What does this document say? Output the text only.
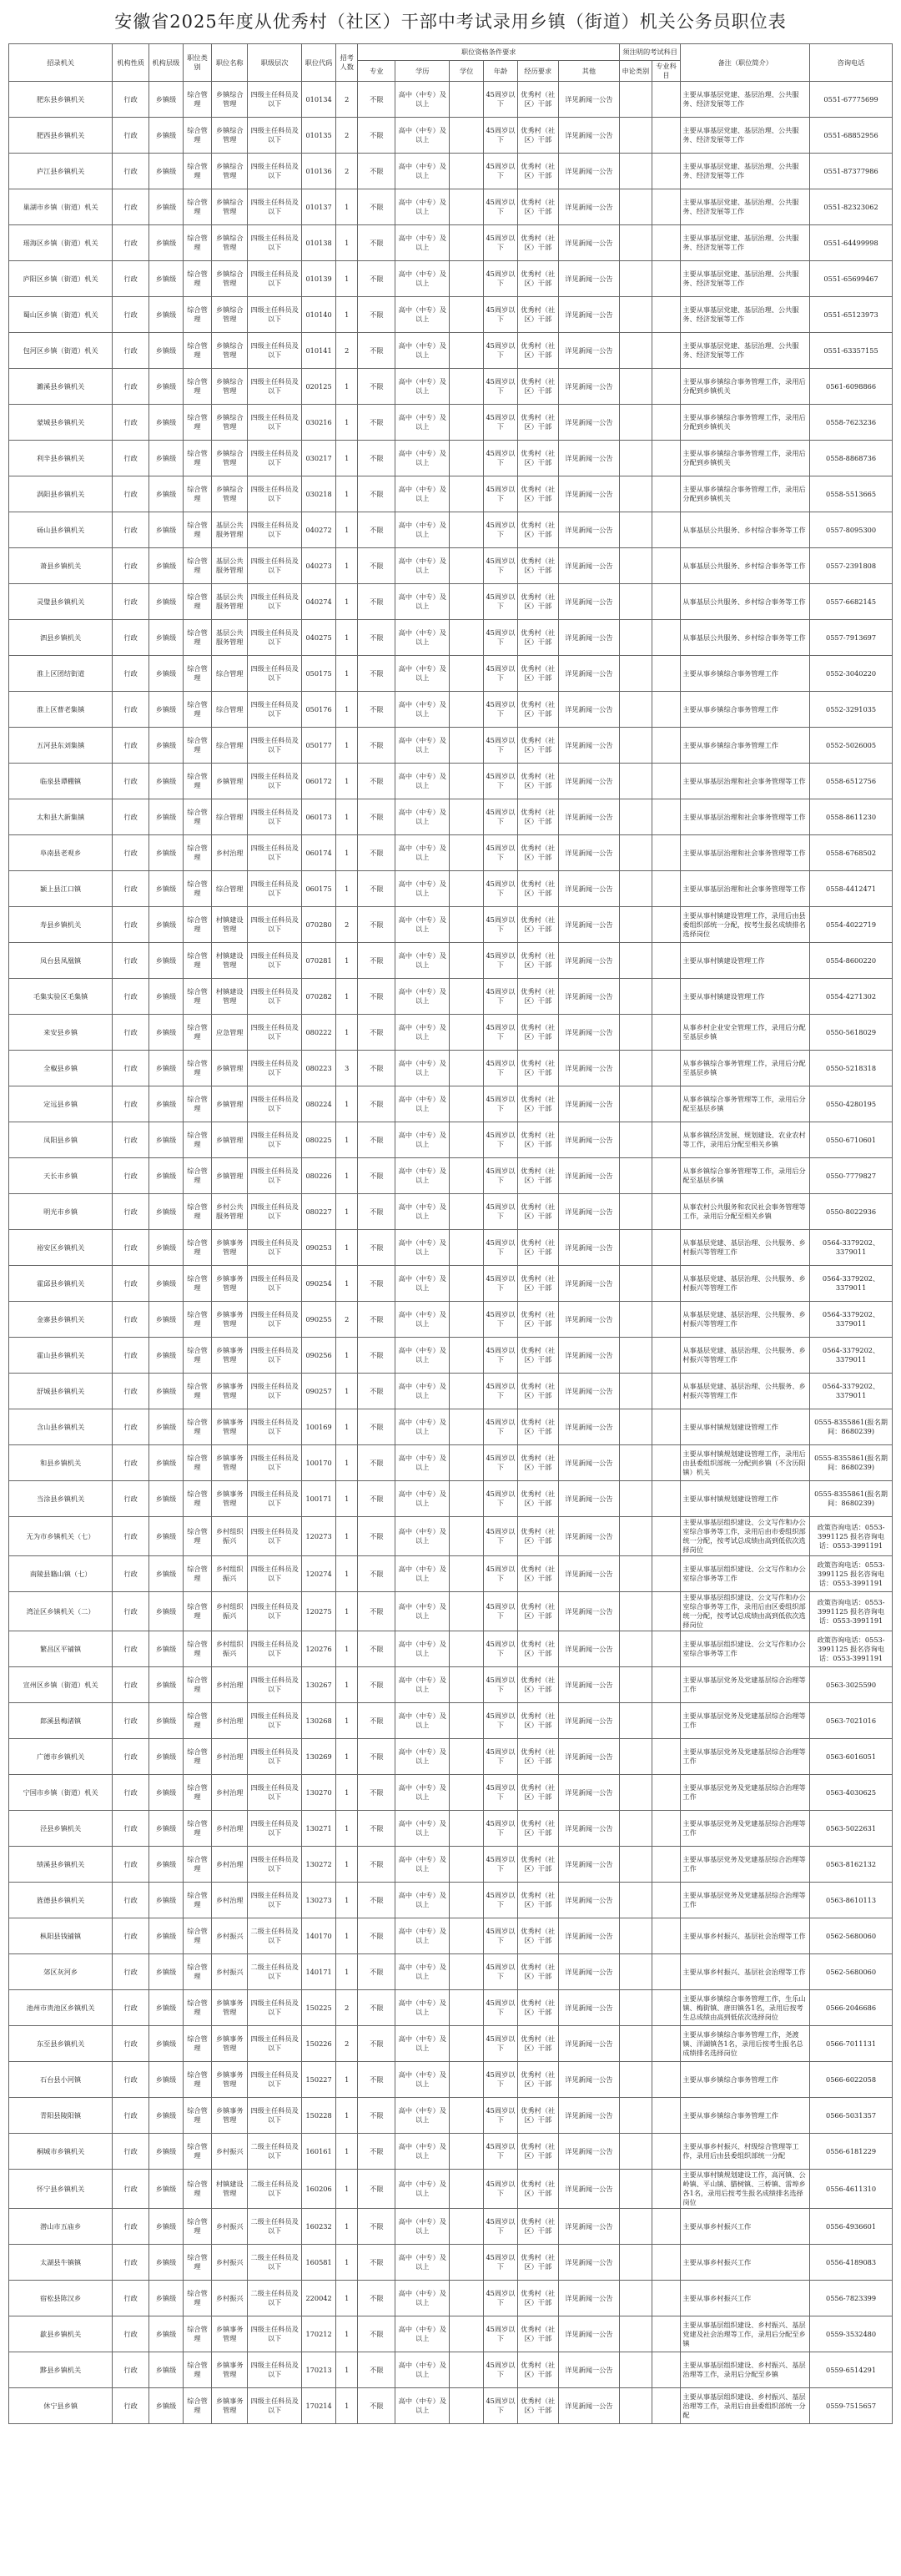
安徽省2025年度从优秀村（社区）干部中考试录用乡镇（街道）机关公务员职位表
招录机关	机构性质	机构层级	职位类别	职位名称	职级层次	职位代码	招考人数	职位资格条件要求						须注明的考试科目		备注（职位简介）	咨询电话
								专业	学历	学位	年龄	经历要求	其他	申论类别	专业科目		
肥东县乡镇机关	行政	乡镇级	综合管理	乡镇综合管理	四级主任科员及以下	010134	2	不限	高中（中专）及以上		45周岁以下	优秀村（社区）干部	详见新闻一公告			主要从事基层党建、基层治理、公共服务、经济发展等工作	0551-67775699
肥西县乡镇机关	行政	乡镇级	综合管理	乡镇综合管理	四级主任科员及以下	010135	2	不限	高中（中专）及以上		45周岁以下	优秀村（社区）干部	详见新闻一公告			主要从事基层党建、基层治理、公共服务、经济发展等工作	0551-68852956
庐江县乡镇机关	行政	乡镇级	综合管理	乡镇综合管理	四级主任科员及以下	010136	2	不限	高中（中专）及以上		45周岁以下	优秀村（社区）干部	详见新闻一公告			主要从事基层党建、基层治理、公共服务、经济发展等工作	0551-87377986
巢湖市乡镇（街道）机关	行政	乡镇级	综合管理	乡镇综合管理	四级主任科员及以下	010137	1	不限	高中（中专）及以上		45周岁以下	优秀村（社区）干部	详见新闻一公告			主要从事基层党建、基层治理、公共服务、经济发展等工作	0551-82323062
瑶海区乡镇（街道）机关	行政	乡镇级	综合管理	乡镇综合管理	四级主任科员及以下	010138	1	不限	高中（中专）及以上		45周岁以下	优秀村（社区）干部	详见新闻一公告			主要从事基层党建、基层治理、公共服务、经济发展等工作	0551-64499998
庐阳区乡镇（街道）机关	行政	乡镇级	综合管理	乡镇综合管理	四级主任科员及以下	010139	1	不限	高中（中专）及以上		45周岁以下	优秀村（社区）干部	详见新闻一公告			主要从事基层党建、基层治理、公共服务、经济发展等工作	0551-65699467
蜀山区乡镇（街道）机关	行政	乡镇级	综合管理	乡镇综合管理	四级主任科员及以下	010140	1	不限	高中（中专）及以上		45周岁以下	优秀村（社区）干部	详见新闻一公告			主要从事基层党建、基层治理、公共服务、经济发展等工作	0551-65123973
包河区乡镇（街道）机关	行政	乡镇级	综合管理	乡镇综合管理	四级主任科员及以下	010141	2	不限	高中（中专）及以上		45周岁以下	优秀村（社区）干部	详见新闻一公告			主要从事基层党建、基层治理、公共服务、经济发展等工作	0551-63357155
濉溪县乡镇机关	行政	乡镇级	综合管理	乡镇综合管理	四级主任科员及以下	020125	1	不限	高中（中专）及以上		45周岁以下	优秀村（社区）干部	详见新闻一公告			主要从事乡镇综合事务管理工作，录用后分配到乡镇机关	0561-6098866
蒙城县乡镇机关	行政	乡镇级	综合管理	乡镇综合管理	四级主任科员及以下	030216	1	不限	高中（中专）及以上		45周岁以下	优秀村（社区）干部	详见新闻一公告			主要从事乡镇综合事务管理工作，录用后分配到乡镇机关	0558-7623236
利辛县乡镇机关	行政	乡镇级	综合管理	乡镇综合管理	四级主任科员及以下	030217	1	不限	高中（中专）及以上		45周岁以下	优秀村（社区）干部	详见新闻一公告			主要从事乡镇综合事务管理工作，录用后分配到乡镇机关	0558-8868736
涡阳县乡镇机关	行政	乡镇级	综合管理	乡镇综合管理	四级主任科员及以下	030218	1	不限	高中（中专）及以上		45周岁以下	优秀村（社区）干部	详见新闻一公告			主要从事乡镇综合事务管理工作，录用后分配到乡镇机关	0558-5513665
砀山县乡镇机关	行政	乡镇级	综合管理	基层公共服务管理	四级主任科员及以下	040272	1	不限	高中（中专）及以上		45周岁以下	优秀村（社区）干部	详见新闻一公告			从事基层公共服务、乡村综合事务等工作	0557-8095300
萧县乡镇机关	行政	乡镇级	综合管理	基层公共服务管理	四级主任科员及以下	040273	1	不限	高中（中专）及以上		45周岁以下	优秀村（社区）干部	详见新闻一公告			从事基层公共服务、乡村综合事务等工作	0557-2391808
灵璧县乡镇机关	行政	乡镇级	综合管理	基层公共服务管理	四级主任科员及以下	040274	1	不限	高中（中专）及以上		45周岁以下	优秀村（社区）干部	详见新闻一公告			从事基层公共服务、乡村综合事务等工作	0557-6682145
泗县乡镇机关	行政	乡镇级	综合管理	基层公共服务管理	四级主任科员及以下	040275	1	不限	高中（中专）及以上		45周岁以下	优秀村（社区）干部	详见新闻一公告			从事基层公共服务、乡村综合事务等工作	0557-7913697
淮上区团结街道	行政	乡镇级	综合管理	综合管理	四级主任科员及以下	050175	1	不限	高中（中专）及以上		45周岁以下	优秀村（社区）干部	详见新闻一公告			主要从事乡镇综合事务管理工作	0552-3040220
淮上区曹老集镇	行政	乡镇级	综合管理	综合管理	四级主任科员及以下	050176	1	不限	高中（中专）及以上		45周岁以下	优秀村（社区）干部	详见新闻一公告			主要从事乡镇综合事务管理工作	0552-3291035
五河县东刘集镇	行政	乡镇级	综合管理	综合管理	四级主任科员及以下	050177	1	不限	高中（中专）及以上		45周岁以下	优秀村（社区）干部	详见新闻一公告			主要从事乡镇综合事务管理工作	0552-5026005
临泉县谭棚镇	行政	乡镇级	综合管理	乡镇管理	四级主任科员及以下	060172	1	不限	高中（中专）及以上		45周岁以下	优秀村（社区）干部	详见新闻一公告			主要从事基层治理和社会事务管理等工作	0558-6512756
太和县大新集镇	行政	乡镇级	综合管理	综合管理	四级主任科员及以下	060173	1	不限	高中（中专）及以上		45周岁以下	优秀村（社区）干部	详见新闻一公告			主要从事基层治理和社会事务管理等工作	0558-8611230
阜南县老观乡	行政	乡镇级	综合管理	乡村治理	四级主任科员及以下	060174	1	不限	高中（中专）及以上		45周岁以下	优秀村（社区）干部	详见新闻一公告			主要从事基层治理和社会事务管理等工作	0558-6768502
颍上县江口镇	行政	乡镇级	综合管理	综合管理	四级主任科员及以下	060175	1	不限	高中（中专）及以上		45周岁以下	优秀村（社区）干部	详见新闻一公告			主要从事基层治理和社会事务管理等工作	0558-4412471
寿县乡镇机关	行政	乡镇级	综合管理	村镇建设管理	四级主任科员及以下	070280	2	不限	高中（中专）及以上		45周岁以下	优秀村（社区）干部	详见新闻一公告			主要从事村镇建设管理工作，录用后由县委组织部统一分配，按考生报名成绩排名选择岗位	0554-4022719
凤台县凤凰镇	行政	乡镇级	综合管理	村镇建设管理	四级主任科员及以下	070281	1	不限	高中（中专）及以上		45周岁以下	优秀村（社区）干部	详见新闻一公告			主要从事村镇建设管理工作	0554-8600220
毛集实验区毛集镇	行政	乡镇级	综合管理	村镇建设管理	四级主任科员及以下	070282	1	不限	高中（中专）及以上		45周岁以下	优秀村（社区）干部	详见新闻一公告			主要从事村镇建设管理工作	0554-4271302
来安县乡镇	行政	乡镇级	综合管理	应急管理	四级主任科员及以下	080222	1	不限	高中（中专）及以上		45周岁以下	优秀村（社区）干部	详见新闻一公告			从事乡村企业安全管理工作，录用后分配至基层乡镇	0550-5618029
全椒县乡镇	行政	乡镇级	综合管理	乡镇管理	四级主任科员及以下	080223	3	不限	高中（中专）及以上		45周岁以下	优秀村（社区）干部	详见新闻一公告			从事乡镇综合事务管理工作，录用后分配至基层乡镇	0550-5218318
定远县乡镇	行政	乡镇级	综合管理	乡镇管理	四级主任科员及以下	080224	1	不限	高中（中专）及以上		45周岁以下	优秀村（社区）干部	详见新闻一公告			从事乡镇综合事务管理等工作，录用后分配至基层乡镇	0550-4280195
凤阳县乡镇	行政	乡镇级	综合管理	乡镇管理	四级主任科员及以下	080225	1	不限	高中（中专）及以上		45周岁以下	优秀村（社区）干部	详见新闻一公告			从事乡镇经济发展、规划建设、农业农村等工作，录用后分配至相关乡镇	0550-6710601
天长市乡镇	行政	乡镇级	综合管理	乡镇管理	四级主任科员及以下	080226	1	不限	高中（中专）及以上		45周岁以下	优秀村（社区）干部	详见新闻一公告			从事乡镇综合事务管理等工作，录用后分配至基层乡镇	0550-7779827
明光市乡镇	行政	乡镇级	综合管理	乡村公共服务管理	四级主任科员及以下	080227	1	不限	高中（中专）及以上		45周岁以下	优秀村（社区）干部	详见新闻一公告			从事农村公共服务和农民社会事务管理等工作，录用后分配至相关乡镇	0550-8022936
裕安区乡镇机关	行政	乡镇级	综合管理	乡镇事务管理	四级主任科员及以下	090253	1	不限	高中（中专）及以上		45周岁以下	优秀村（社区）干部	详见新闻一公告			从事基层党建、基层治理、公共服务、乡村振兴等管理工作	0564-3379202、3379011
霍邱县乡镇机关	行政	乡镇级	综合管理	乡镇事务管理	四级主任科员及以下	090254	1	不限	高中（中专）及以上		45周岁以下	优秀村（社区）干部	详见新闻一公告			从事基层党建、基层治理、公共服务、乡村振兴等管理工作	0564-3379202、3379011
金寨县乡镇机关	行政	乡镇级	综合管理	乡镇事务管理	四级主任科员及以下	090255	2	不限	高中（中专）及以上		45周岁以下	优秀村（社区）干部	详见新闻一公告			从事基层党建、基层治理、公共服务、乡村振兴等管理工作	0564-3379202、3379011
霍山县乡镇机关	行政	乡镇级	综合管理	乡镇事务管理	四级主任科员及以下	090256	1	不限	高中（中专）及以上		45周岁以下	优秀村（社区）干部	详见新闻一公告			从事基层党建、基层治理、公共服务、乡村振兴等管理工作	0564-3379202、3379011
舒城县乡镇机关	行政	乡镇级	综合管理	乡镇事务管理	四级主任科员及以下	090257	1	不限	高中（中专）及以上		45周岁以下	优秀村（社区）干部	详见新闻一公告			从事基层党建、基层治理、公共服务、乡村振兴等管理工作	0564-3379202、3379011
含山县乡镇机关	行政	乡镇级	综合管理	乡镇事务管理	四级主任科员及以下	100169	1	不限	高中（中专）及以上		45周岁以下	优秀村（社区）干部	详见新闻一公告			主要从事村镇规划建设管理工作	0555-8355861(报名期间：8680239)
和县乡镇机关	行政	乡镇级	综合管理	乡镇事务管理	四级主任科员及以下	100170	1	不限	高中（中专）及以上		45周岁以下	优秀村（社区）干部	详见新闻一公告			主要从事村镇规划建设管理工作，录用后由县委组织部统一分配到乡镇（不含历阳镇）机关	0555-8355861(报名期间：8680239)
当涂县乡镇机关	行政	乡镇级	综合管理	乡镇事务管理	四级主任科员及以下	100171	1	不限	高中（中专）及以上		45周岁以下	优秀村（社区）干部	详见新闻一公告			主要从事村镇规划建设管理工作	0555-8355861(报名期间：8680239)
无为市乡镇机关（七）	行政	乡镇级	综合管理	乡村组织振兴	四级主任科员及以下	120273	1	不限	高中（中专）及以上		45周岁以下	优秀村（社区）干部	详见新闻一公告			主要从事基层组织建设、公文写作和办公室综合事务等工作，录用后由市委组织部统一分配，按考试总成绩由高到低依次选择岗位	政策咨询电话：0553-3991125 报名咨询电话：0553-3991191
南陵县籍山镇（七）	行政	乡镇级	综合管理	乡村组织振兴	四级主任科员及以下	120274	1	不限	高中（中专）及以上		45周岁以下	优秀村（社区）干部	详见新闻一公告			主要从事基层组织建设、公文写作和办公室综合事务等工作	政策咨询电话：0553-3991125 报名咨询电话：0553-3991191
湾沚区乡镇机关（二）	行政	乡镇级	综合管理	乡村组织振兴	四级主任科员及以下	120275	1	不限	高中（中专）及以上		45周岁以下	优秀村（社区）干部	详见新闻一公告			主要从事基层组织建设、公文写作和办公室综合事务等工作，录用后由区委组织部统一分配，按考试总成绩由高到低依次选择岗位	政策咨询电话：0553-3991125 报名咨询电话：0553-3991191
繁昌区平铺镇	行政	乡镇级	综合管理	乡村组织振兴	四级主任科员及以下	120276	1	不限	高中（中专）及以上		45周岁以下	优秀村（社区）干部	详见新闻一公告			主要从事基层组织建设、公文写作和办公室综合事务等工作	政策咨询电话：0553-3991125 报名咨询电话：0553-3991191
宣州区乡镇（街道）机关	行政	乡镇级	综合管理	乡村治理	四级主任科员及以下	130267	1	不限	高中（中专）及以上		45周岁以下	优秀村（社区）干部	详见新闻一公告			主要从事基层党务及党建基层综合治理等工作	0563-3025590
郎溪县梅渚镇	行政	乡镇级	综合管理	乡村治理	四级主任科员及以下	130268	1	不限	高中（中专）及以上		45周岁以下	优秀村（社区）干部	详见新闻一公告			主要从事基层党务及党建基层综合治理等工作	0563-7021016
广德市乡镇机关	行政	乡镇级	综合管理	乡村治理	四级主任科员及以下	130269	1	不限	高中（中专）及以上		45周岁以下	优秀村（社区）干部	详见新闻一公告			主要从事基层党务及党建基层综合治理等工作	0563-6016051
宁国市乡镇（街道）机关	行政	乡镇级	综合管理	乡村治理	四级主任科员及以下	130270	1	不限	高中（中专）及以上		45周岁以下	优秀村（社区）干部	详见新闻一公告			主要从事基层党务及党建基层综合治理等工作	0563-4030625
泾县乡镇机关	行政	乡镇级	综合管理	乡村治理	四级主任科员及以下	130271	1	不限	高中（中专）及以上		45周岁以下	优秀村（社区）干部	详见新闻一公告			主要从事基层党务及党建基层综合治理等工作	0563-5022631
绩溪县乡镇机关	行政	乡镇级	综合管理	乡村治理	四级主任科员及以下	130272	1	不限	高中（中专）及以上		45周岁以下	优秀村（社区）干部	详见新闻一公告			主要从事基层党务及党建基层综合治理等工作	0563-8162132
旌德县乡镇机关	行政	乡镇级	综合管理	乡村治理	四级主任科员及以下	130273	1	不限	高中（中专）及以上		45周岁以下	优秀村（社区）干部	详见新闻一公告			主要从事基层党务及党建基层综合治理等工作	0563-8610113
枞阳县钱铺镇	行政	乡镇级	综合管理	乡村振兴	二级主任科员及以下	140170	1	不限	高中（中专）及以上		45周岁以下	优秀村（社区）干部	详见新闻一公告			主要从事乡村振兴、基层社会治理等工作	0562-5680060
郊区灰河乡	行政	乡镇级	综合管理	乡村振兴	二级主任科员及以下	140171	1	不限	高中（中专）及以上		45周岁以下	优秀村（社区）干部	详见新闻一公告			主要从事乡村振兴、基层社会治理等工作	0562-5680060
池州市贵池区乡镇机关	行政	乡镇级	综合管理	乡镇事务管理	四级主任科员及以下	150225	2	不限	高中（中专）及以上		45周岁以下	优秀村（社区）干部	详见新闻一公告			主要从事乡镇综合事务管理工作，生乐山镇、梅街镇、唐田镇各1名，录用后按考生总成绩由高到低依次选择岗位	0566-2046686
东至县乡镇机关	行政	乡镇级	综合管理	乡镇事务管理	四级主任科员及以下	150226	2	不限	高中（中专）及以上		45周岁以下	优秀村（社区）干部	详见新闻一公告			主要从事乡镇综合事务管理工作，尧渡镇、洋湖镇各1名，录用后按考生报名总成绩排名选择岗位	0566-7011131
石台县小河镇	行政	乡镇级	综合管理	乡镇事务管理	四级主任科员及以下	150227	1	不限	高中（中专）及以上		45周岁以下	优秀村（社区）干部	详见新闻一公告			主要从事乡镇综合事务管理工作	0566-6022058
青阳县陵阳镇	行政	乡镇级	综合管理	乡镇事务管理	四级主任科员及以下	150228	1	不限	高中（中专）及以上		45周岁以下	优秀村（社区）干部	详见新闻一公告			主要从事乡镇综合事务管理工作	0566-5031357
桐城市乡镇机关	行政	乡镇级	综合管理	乡村振兴	二级主任科员及以下	160161	1	不限	高中（中专）及以上		45周岁以下	优秀村（社区）干部	详见新闻一公告			主要从事乡村振兴、村级综合管理等工作，录用后由县委组织部统一分配	0556-6181229
怀宁县乡镇机关	行政	乡镇级	综合管理	村镇建设管理	二级主任科员及以下	160206	1	不限	高中（中专）及以上		45周岁以下	优秀村（社区）干部	详见新闻一公告			主要从事村镇规划建设工作，高河镇、公岭镇、平山镇、腊树镇、三桥镇、雷埠乡各1名，录用后按考生报名成绩排名选择岗位	0556-4611310
潜山市五庙乡	行政	乡镇级	综合管理	乡村振兴	二级主任科员及以下	160232	1	不限	高中（中专）及以上		45周岁以下	优秀村（社区）干部	详见新闻一公告			主要从事乡村振兴工作	0556-4936601
太湖县牛镇镇	行政	乡镇级	综合管理	乡村振兴	二级主任科员及以下	160581	1	不限	高中（中专）及以上		45周岁以下	优秀村（社区）干部	详见新闻一公告			主要从事乡村振兴工作	0556-4189083
宿松县陈汉乡	行政	乡镇级	综合管理	乡村振兴	二级主任科员及以下	220042	1	不限	高中（中专）及以上		45周岁以下	优秀村（社区）干部	详见新闻一公告			主要从事乡村振兴工作	0556-7823399
歙县乡镇机关	行政	乡镇级	综合管理	乡镇事务管理	四级主任科员及以下	170212	1	不限	高中（中专）及以上		45周岁以下	优秀村（社区）干部	详见新闻一公告			主要从事基层组织建设、乡村振兴、基层党建及社会治理等工作，录用后分配至乡镇	0559-3532480
黟县乡镇机关	行政	乡镇级	综合管理	乡镇事务管理	四级主任科员及以下	170213	1	不限	高中（中专）及以上		45周岁以下	优秀村（社区）干部	详见新闻一公告			主要从事基层组织建设、乡村振兴、基层治理等工作，录用后分配至乡镇	0559-6514291
休宁县乡镇	行政	乡镇级	综合管理	乡镇事务管理	四级主任科员及以下	170214	1	不限	高中（中专）及以上		45周岁以下	优秀村（社区）干部	详见新闻一公告			主要从事基层组织建设、乡村振兴、基层治理等工作，录用后由县委组织部统一分配	0559-7515657
